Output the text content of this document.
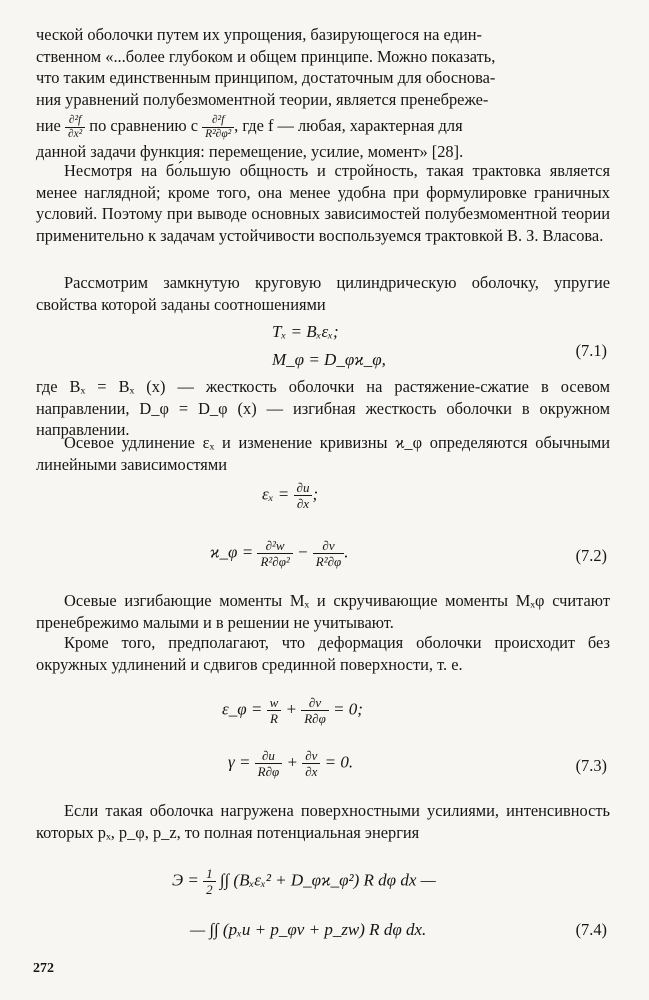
ческой оболочки путем их упрощения, базирующегося на един-
ственном «...более глубоком и общем принципе. Можно показать,
что таким единственным принципом, достаточным для обоснова-
ния уравнений полубезмоментной теории, является пренебреже-
ние $\frac{\text{∂²f}}{\text{∂x²}}$ по сравнению с $\frac{\text{∂²f}}{\text{R²∂φ²}}$ , где f — любая, характерная для
данной задачи функция: перемещение, усилие, момент» [28].
Несмотря на бо́льшую общность и стройность, такая трактовка является менее наглядной; кроме того, она менее удобна при формулировке граничных условий. Поэтому при выводе основных зависимостей полубезмоментной теории применительно к задачам устойчивости воспользуемся трактовкой В. З. Власова.
Рассмотрим замкнутую круговую цилиндрическую оболочку, упругие свойства которой заданы соотношениями
Tₓ = Bₓεₓ;
M_φ = D_φϰ_φ,	(7.1)
где Bₓ = Bₓ (x) — жесткость оболочки на растяжение-сжатие в осевом направлении, D_φ = D_φ (x) — изгибная жесткость оболочки в окружном направлении.
Осевое удлинение εₓ и изменение кривизны ϰ_φ определяются обычными линейными зависимостями
$\varepsilon_x = \frac{\partial u}{\partial x}$ ;
ϰ_φ = $\frac{\text{∂²w}}{\text{R²∂φ²}} - \frac{\partial v}{\text{R²∂φ}}$ .	(7.2)
Осевые изгибающие моменты Mₓ и скручивающие моменты Mₓφ считают пренебрежимо малыми и в решении не учитывают.
Кроме того, предполагают, что деформация оболочки происходит без окружных удлинений и сдвигов срединной поверхности, т. е.
ε_φ = $\frac{w}{R} + \frac{\partial v}{R\partial\varphi} = 0$;
$\gamma = \frac{\partial u}{R\partial\varphi} + \frac{\partial v}{\partial x} = 0$.	(7.3)
Если такая оболочка нагружена поверхностными усилиями, интенсивность которых pₓ, p_φ, p_z, то полная потенциальная энергия
$Э = \frac{1}{2}$ ∫∫ (Bₓεₓ² + D_φϰ_φ²) R dφ dx —
— ∫∫ (pₓu + p_φv + p_zw) R dφ dx.	(7.4)
272
